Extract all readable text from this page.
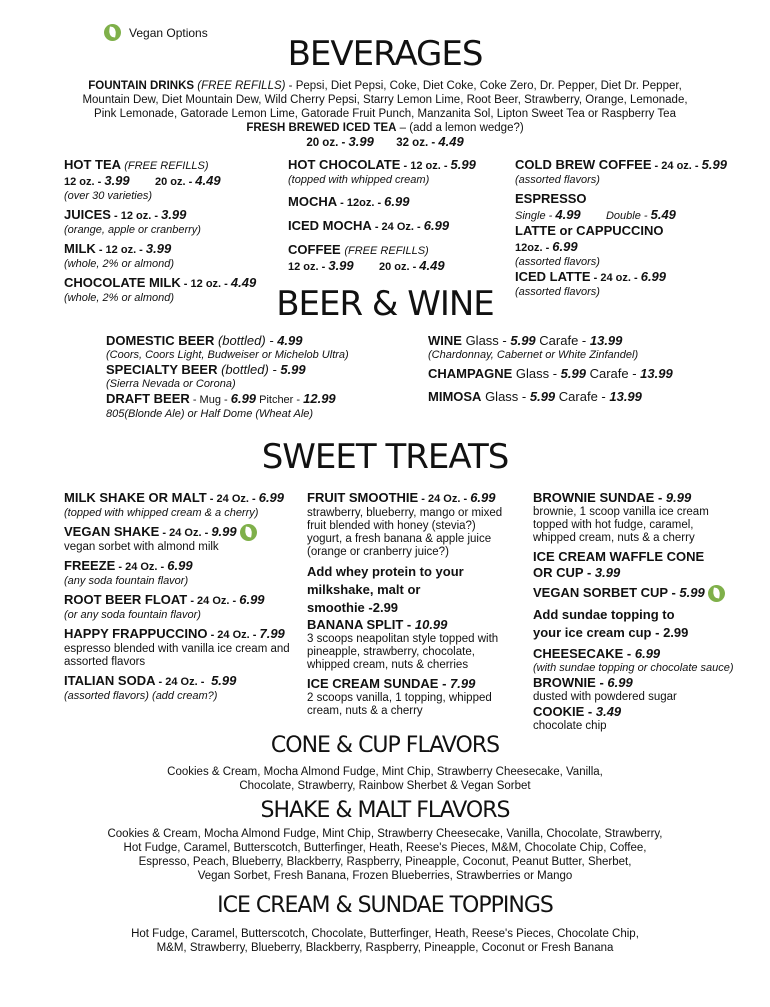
Vegan Options
BEVERAGES
FOUNTAIN DRINKS (FREE REFILLS) - Pepsi, Diet Pepsi, Coke, Diet Coke, Coke Zero, Dr. Pepper, Diet Dr. Pepper,
Mountain Dew, Diet Mountain Dew, Wild Cherry Pepsi, Starry Lemon Lime, Root Beer, Strawberry, Orange, Lemonade,
Pink Lemonade, Gatorade Lemon Lime, Gatorade Fruit Punch, Manzanita Sol, Lipton Sweet Tea or Raspberry Tea
FRESH BREWED ICED TEA – (add a lemon wedge?)
20 oz. - 3.99 32 oz. - 4.49
HOT TEA (FREE REFILLS)
12 oz. - 3.99 20 oz. - 4.49
(over 30 varieties)
JUICES - 12 oz. - 3.99
(orange, apple or cranberry)
MILK - 12 oz. - 3.99
(whole, 2% or almond)
CHOCOLATE MILK - 12 oz. - 4.49
(whole, 2% or almond)
HOT CHOCOLATE - 12 oz. - 5.99
(topped with whipped cream)
MOCHA - 12oz. - 6.99
ICED MOCHA - 24 Oz. - 6.99
COFFEE (FREE REFILLS)
12 oz. - 3.99 20 oz. - 4.49
COLD BREW COFFEE - 24 oz. - 5.99
(assorted flavors)
ESPRESSO
Single - 4.99 Double - 5.49
LATTE or CAPPUCCINO
12oz. - 6.99
(assorted flavors)
ICED LATTE - 24 oz. - 6.99
(assorted flavors)
BEER & WINE
DOMESTIC BEER (bottled) - 4.99
(Coors, Coors Light, Budweiser or Michelob Ultra)
SPECIALTY BEER (bottled) - 5.99
(Sierra Nevada or Corona)
DRAFT BEER - Mug - 6.99 Pitcher - 12.99
805(Blonde Ale) or Half Dome (Wheat Ale)
WINE Glass - 5.99 Carafe - 13.99
(Chardonnay, Cabernet or White Zinfandel)
CHAMPAGNE Glass - 5.99 Carafe - 13.99
MIMOSA Glass - 5.99 Carafe - 13.99
SWEET TREATS
MILK SHAKE OR MALT - 24 Oz. - 6.99
(topped with whipped cream & a cherry)
VEGAN SHAKE - 24 Oz. - 9.99
vegan sorbet with almond milk
FREEZE - 24 Oz. - 6.99
(any soda fountain flavor)
ROOT BEER FLOAT - 24 Oz. - 6.99
(or any soda fountain flavor)
HAPPY FRAPPUCCINO - 24 Oz. - 7.99
espresso blended with vanilla ice cream and
assorted flavors
ITALIAN SODA - 24 Oz. -  5.99
(assorted flavors) (add cream?)
FRUIT SMOOTHIE - 24 Oz. - 6.99
strawberry, blueberry, mango or mixed
fruit blended with honey (stevia?)
yogurt, a fresh banana & apple juice
(orange or cranberry juice?)
Add whey protein to your
milkshake, malt or
smoothie -2.99
BANANA SPLIT - 10.99
3 scoops neapolitan style topped with
pineapple, strawberry, chocolate,
whipped cream, nuts & cherries
ICE CREAM SUNDAE - 7.99
2 scoops vanilla, 1 topping, whipped
cream, nuts & a cherry
BROWNIE SUNDAE - 9.99
brownie, 1 scoop vanilla ice cream
topped with hot fudge, caramel,
whipped cream, nuts & a cherry
ICE CREAM WAFFLE CONE
OR CUP - 3.99
VEGAN SORBET CUP - 5.99
Add sundae topping to
your ice cream cup - 2.99
CHEESECAKE - 6.99
(with sundae topping or chocolate sauce)
BROWNIE - 6.99
dusted with powdered sugar
COOKIE - 3.49
chocolate chip
CONE & CUP FLAVORS
Cookies & Cream, Mocha Almond Fudge, Mint Chip, Strawberry Cheesecake, Vanilla,
Chocolate, Strawberry, Rainbow Sherbet & Vegan Sorbet
SHAKE & MALT FLAVORS
Cookies & Cream, Mocha Almond Fudge, Mint Chip, Strawberry Cheesecake, Vanilla, Chocolate, Strawberry,
Hot Fudge, Caramel, Butterscotch, Butterfinger, Heath, Reese's Pieces, M&M, Chocolate Chip, Coffee,
Espresso, Peach, Blueberry, Blackberry, Raspberry, Pineapple, Coconut, Peanut Butter, Sherbet,
Vegan Sorbet, Fresh Banana, Frozen Blueberries, Strawberries or Mango
ICE CREAM & SUNDAE TOPPINGS
Hot Fudge, Caramel, Butterscotch, Chocolate, Butterfinger, Heath, Reese's Pieces, Chocolate Chip,
M&M, Strawberry, Blueberry, Blackberry, Raspberry, Pineapple, Coconut or Fresh Banana
